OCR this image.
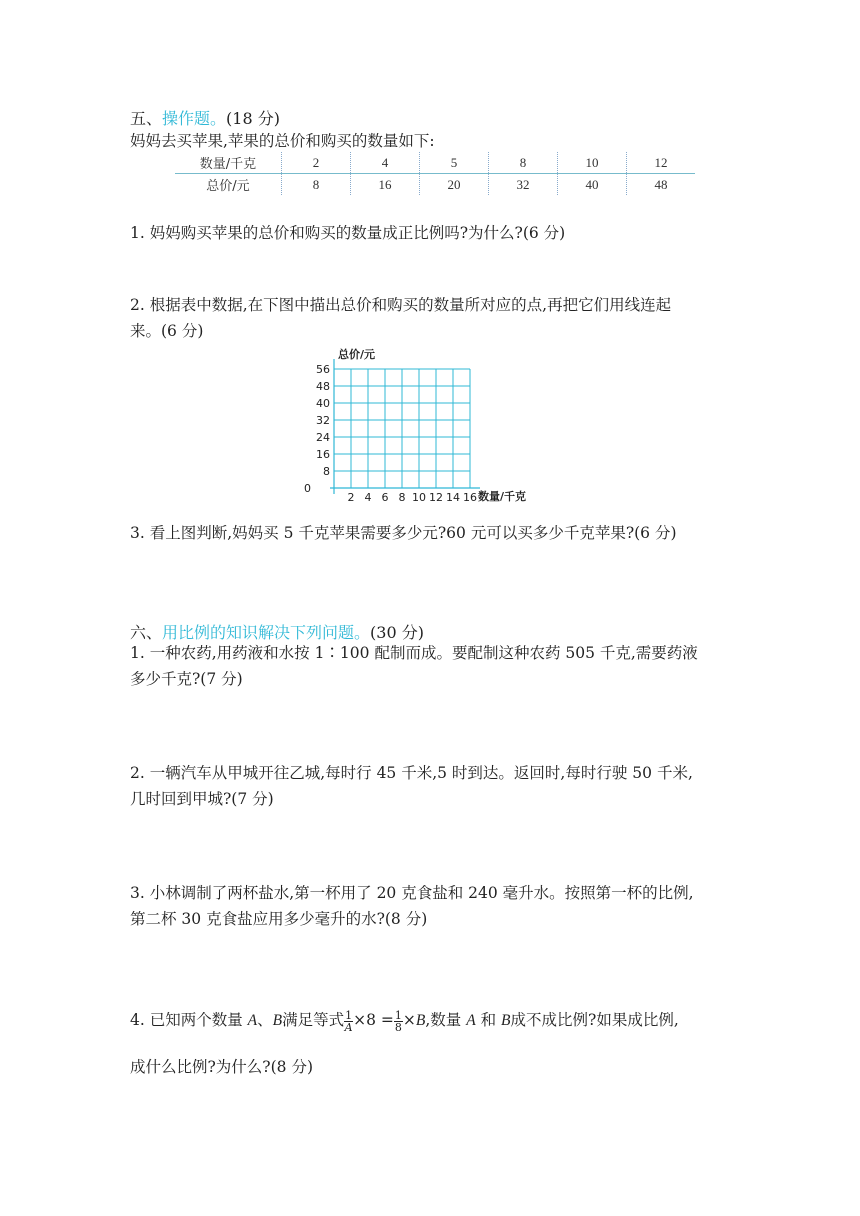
五、操作题。(18 分)
妈妈去买苹果,苹果的总价和购买的数量如下:
数量/千克	2	4	5	8	10	12
总价/元	8	16	20	32	40	48
1. 妈妈购买苹果的总价和购买的数量成正比例吗?为什么?(6 分)
2. 根据表中数据,在下图中描出总价和购买的数量所对应的点,再把它们用线连起
来。(6 分)
8
16
24
32
40
48
56
2 4 6 8 10 12 14 16
0
总价/元
数量/千克
3. 看上图判断,妈妈买 5 千克苹果需要多少元?60 元可以买多少千克苹果?(6 分)
六、用比例的知识解决下列问题。(30 分)
1. 一种农药,用药液和水按 1∶100 配制而成。要配制这种农药 505 千克,需要药液
多少千克?(7 分)
2. 一辆汽车从甲城开往乙城,每时行 45 千米,5 时到达。返回时,每时行驶 50 千米,
几时回到甲城?(7 分)
3. 小林调制了两杯盐水,第一杯用了 20 克食盐和 240 毫升水。按照第一杯的比例,
第二杯 30 克食盐应用多少毫升的水?(8 分)
4. 已知两个数量 A、B满足等式 $\frac{1}{A} \times 8 = \frac{1}{8} \times B$,数量 A 和 B成不成比例?如果成比例,
成什么比例?为什么?(8 分)
